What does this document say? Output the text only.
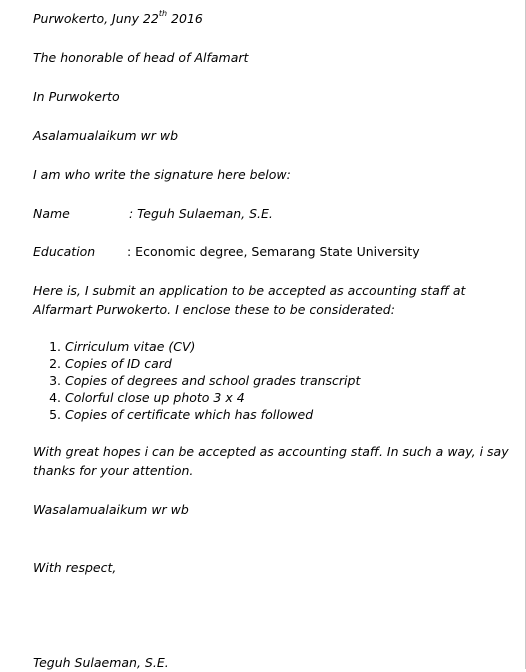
Purwokerto, Juny 22th 2016
The honorable of head of Alfamart
In Purwokerto
Asalamualaikum wr wb
I am who write the signature here below:
Name	: Teguh Sulaeman, S.E.
Education	: Economic degree, Semarang State University
Here is, I submit an application to be accepted as accounting staff at Alfarmart Purwokerto. I enclose these to be considerated:
1. Cirriculum vitae (CV)
2. Copies of ID card
3. Copies of degrees and school grades transcript
4. Colorful close up photo 3 x 4
5. Copies of certificate which has followed
With great hopes i can be accepted as accounting staff. In such a way, i say thanks for your attention.
Wasalamualaikum wr wb
With respect,
Teguh Sulaeman, S.E.
